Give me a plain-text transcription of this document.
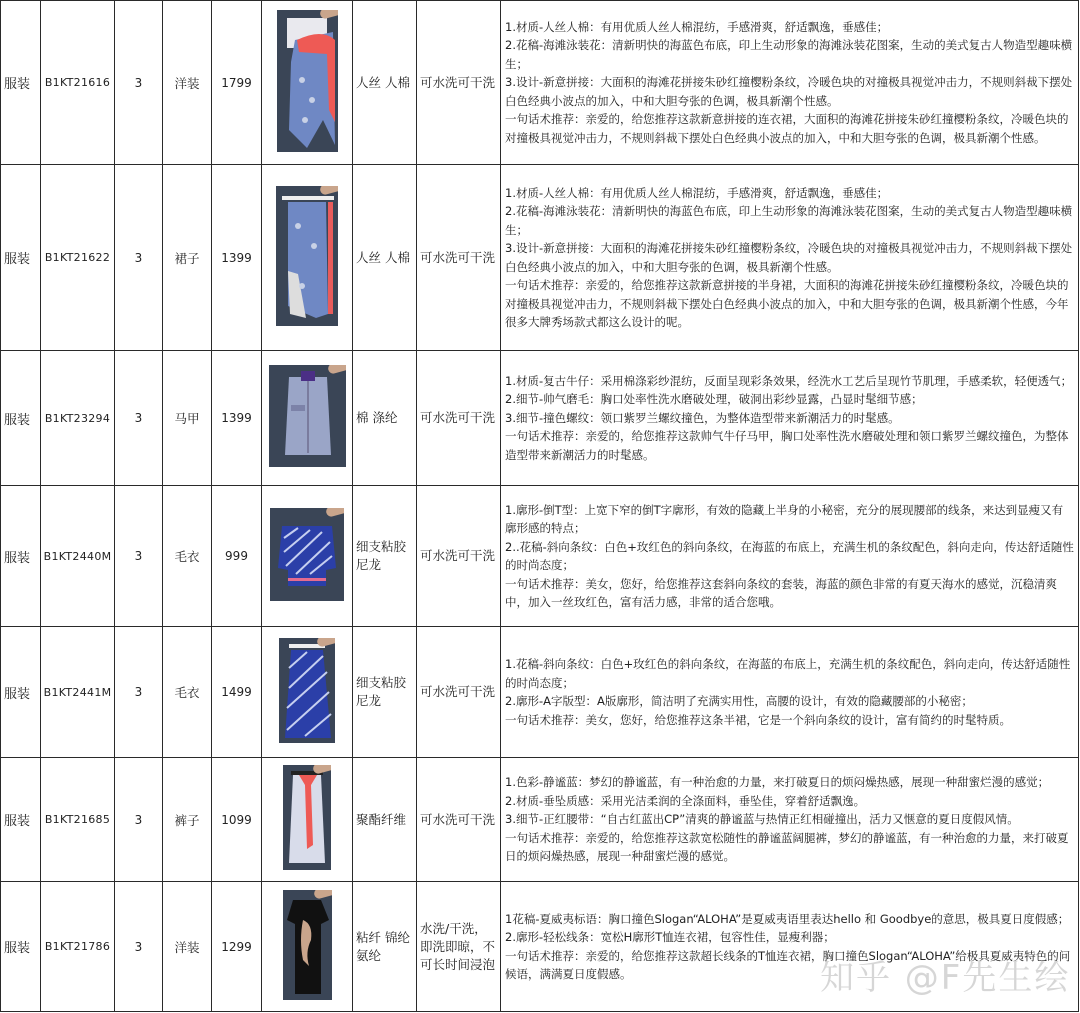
服装	B1KT21616	3	洋装	1799		人丝 人棉	可水洗可干洗	1.材质-人丝人棉：有用优质人丝人棉混纺，手感滑爽，舒适飘逸，垂感佳；
2.花稿-海滩泳装花：清新明快的海蓝色布底，印上生动形象的海滩泳装花图案，生动的美式复古人物造型趣味横生；
3.设计-新意拼接：大面积的海滩花拼接朱砂红撞樱粉条纹，冷暖色块的对撞极具视觉冲击力，不规则斜裁下摆处白色经典小波点的加入，中和大胆夸张的色调，极具新潮个性感。
一句话术推荐：亲爱的，给您推荐这款新意拼接的连衣裙，大面积的海滩花拼接朱砂红撞樱粉条纹，冷暖色块的对撞极具视觉冲击力，不规则斜裁下摆处白色经典小波点的加入，中和大胆夸张的色调，极具新潮个性感。

服装	B1KT21622	3	裙子	1399		人丝 人棉	可水洗可干洗	1.材质-人丝人棉：有用优质人丝人棉混纺，手感滑爽，舒适飘逸，垂感佳；
2.花稿-海滩泳装花：清新明快的海蓝色布底，印上生动形象的海滩泳装花图案，生动的美式复古人物造型趣味横生；
3.设计-新意拼接：大面积的海滩花拼接朱砂红撞樱粉条纹，冷暖色块的对撞极具视觉冲击力，不规则斜裁下摆处白色经典小波点的加入，中和大胆夸张的色调，极具新潮个性感。
一句话术推荐：亲爱的，给您推荐这款新意拼接的半身裙，大面积的海滩花拼接朱砂红撞樱粉条纹，冷暖色块的对撞极具视觉冲击力，不规则斜裁下摆处白色经典小波点的加入，中和大胆夸张的色调，极具新潮个性感，今年很多大牌秀场款式都这么设计的呢。

服装	B1KT23294	3	马甲	1399		棉 涤纶	可水洗可干洗	1.材质-复古牛仔：采用棉涤彩纱混纺，反面呈现彩条效果，经洗水工艺后呈现竹节肌理，手感柔软，轻便透气；
2.细节-帅气磨毛：胸口处率性洗水磨破处理，破洞出彩纱显露，凸显时髦细节感；
3.细节-撞色螺纹：领口紫罗兰螺纹撞色，为整体造型带来新潮活力的时髦感。
一句话术推荐：亲爱的，给您推荐这款帅气牛仔马甲，胸口处率性洗水磨破处理和领口紫罗兰螺纹撞色，为整体造型带来新潮活力的时髦感。

服装	B1KT2440M	3	毛衣	999		细支粘胶尼龙	可水洗可干洗	1.廓形-倒T型：上宽下窄的倒T字廓形，有效的隐藏上半身的小秘密，充分的展现腰部的线条，来达到显瘦又有廓形感的特点；
2..花稿-斜向条纹：白色+玫红色的斜向条纹，在海蓝的布底上，充满生机的条纹配色，斜向走向，传达舒适随性的时尚态度；
一句话术推荐：美女，您好，给您推荐这套斜向条纹的套装，海蓝的颜色非常的有夏天海水的感觉，沉稳清爽中，加入一丝玫红色，富有活力感，非常的适合您哦。

服装	B1KT2441M	3	毛衣	1499		细支粘胶尼龙	可水洗可干洗	1.花稿-斜向条纹：白色+玫红色的斜向条纹，在海蓝的布底上，充满生机的条纹配色，斜向走向，传达舒适随性的时尚态度；
2.廓形-A字版型：A版廓形，简洁明了充满实用性，高腰的设计，有效的隐藏腰部的小秘密；
一句话术推荐：美女，您好，给您推荐这条半裙，它是一个斜向条纹的设计，富有简约的时髦特质。

服装	B1KT21685	3	裤子	1099		聚酯纤维	可水洗可干洗	1.色彩-静谧蓝：梦幻的静谧蓝，有一种治愈的力量，来打破夏日的烦闷燥热感，展现一种甜蜜烂漫的感觉；
2.材质-垂坠质感：采用光洁柔润的全涤面料，垂坠佳，穿着舒适飘逸。
3.细节-正红腰带：“自古红蓝出CP”清爽的静谧蓝与热情正红相碰撞出，活力又惬意的夏日度假风情。
一句话术推荐：亲爱的，给您推荐这款宽松随性的静谧蓝阔腿裤，梦幻的静谧蓝，有一种治愈的力量，来打破夏日的烦闷燥热感，展现一种甜蜜烂漫的感觉。

服装	B1KT21786	3	洋装	1299		粘纤 锦纶 氨纶	水洗/干洗，即洗即晾，不可长时间浸泡	1花稿-夏威夷标语：胸口撞色Slogan“ALOHA”是夏威夷语里表达hello 和 Goodbye的意思，极具夏日度假感；
2.廓形-轻松线条：宽松H廓形T恤连衣裙，包容性佳，显瘦利器；
一句话术推荐：亲爱的，给您推荐这款超长线条的T恤连衣裙，胸口撞色Slogan“ALOHA”给极具夏威夷特色的问候语，满满夏日度假感。	知乎 @F先生绘
